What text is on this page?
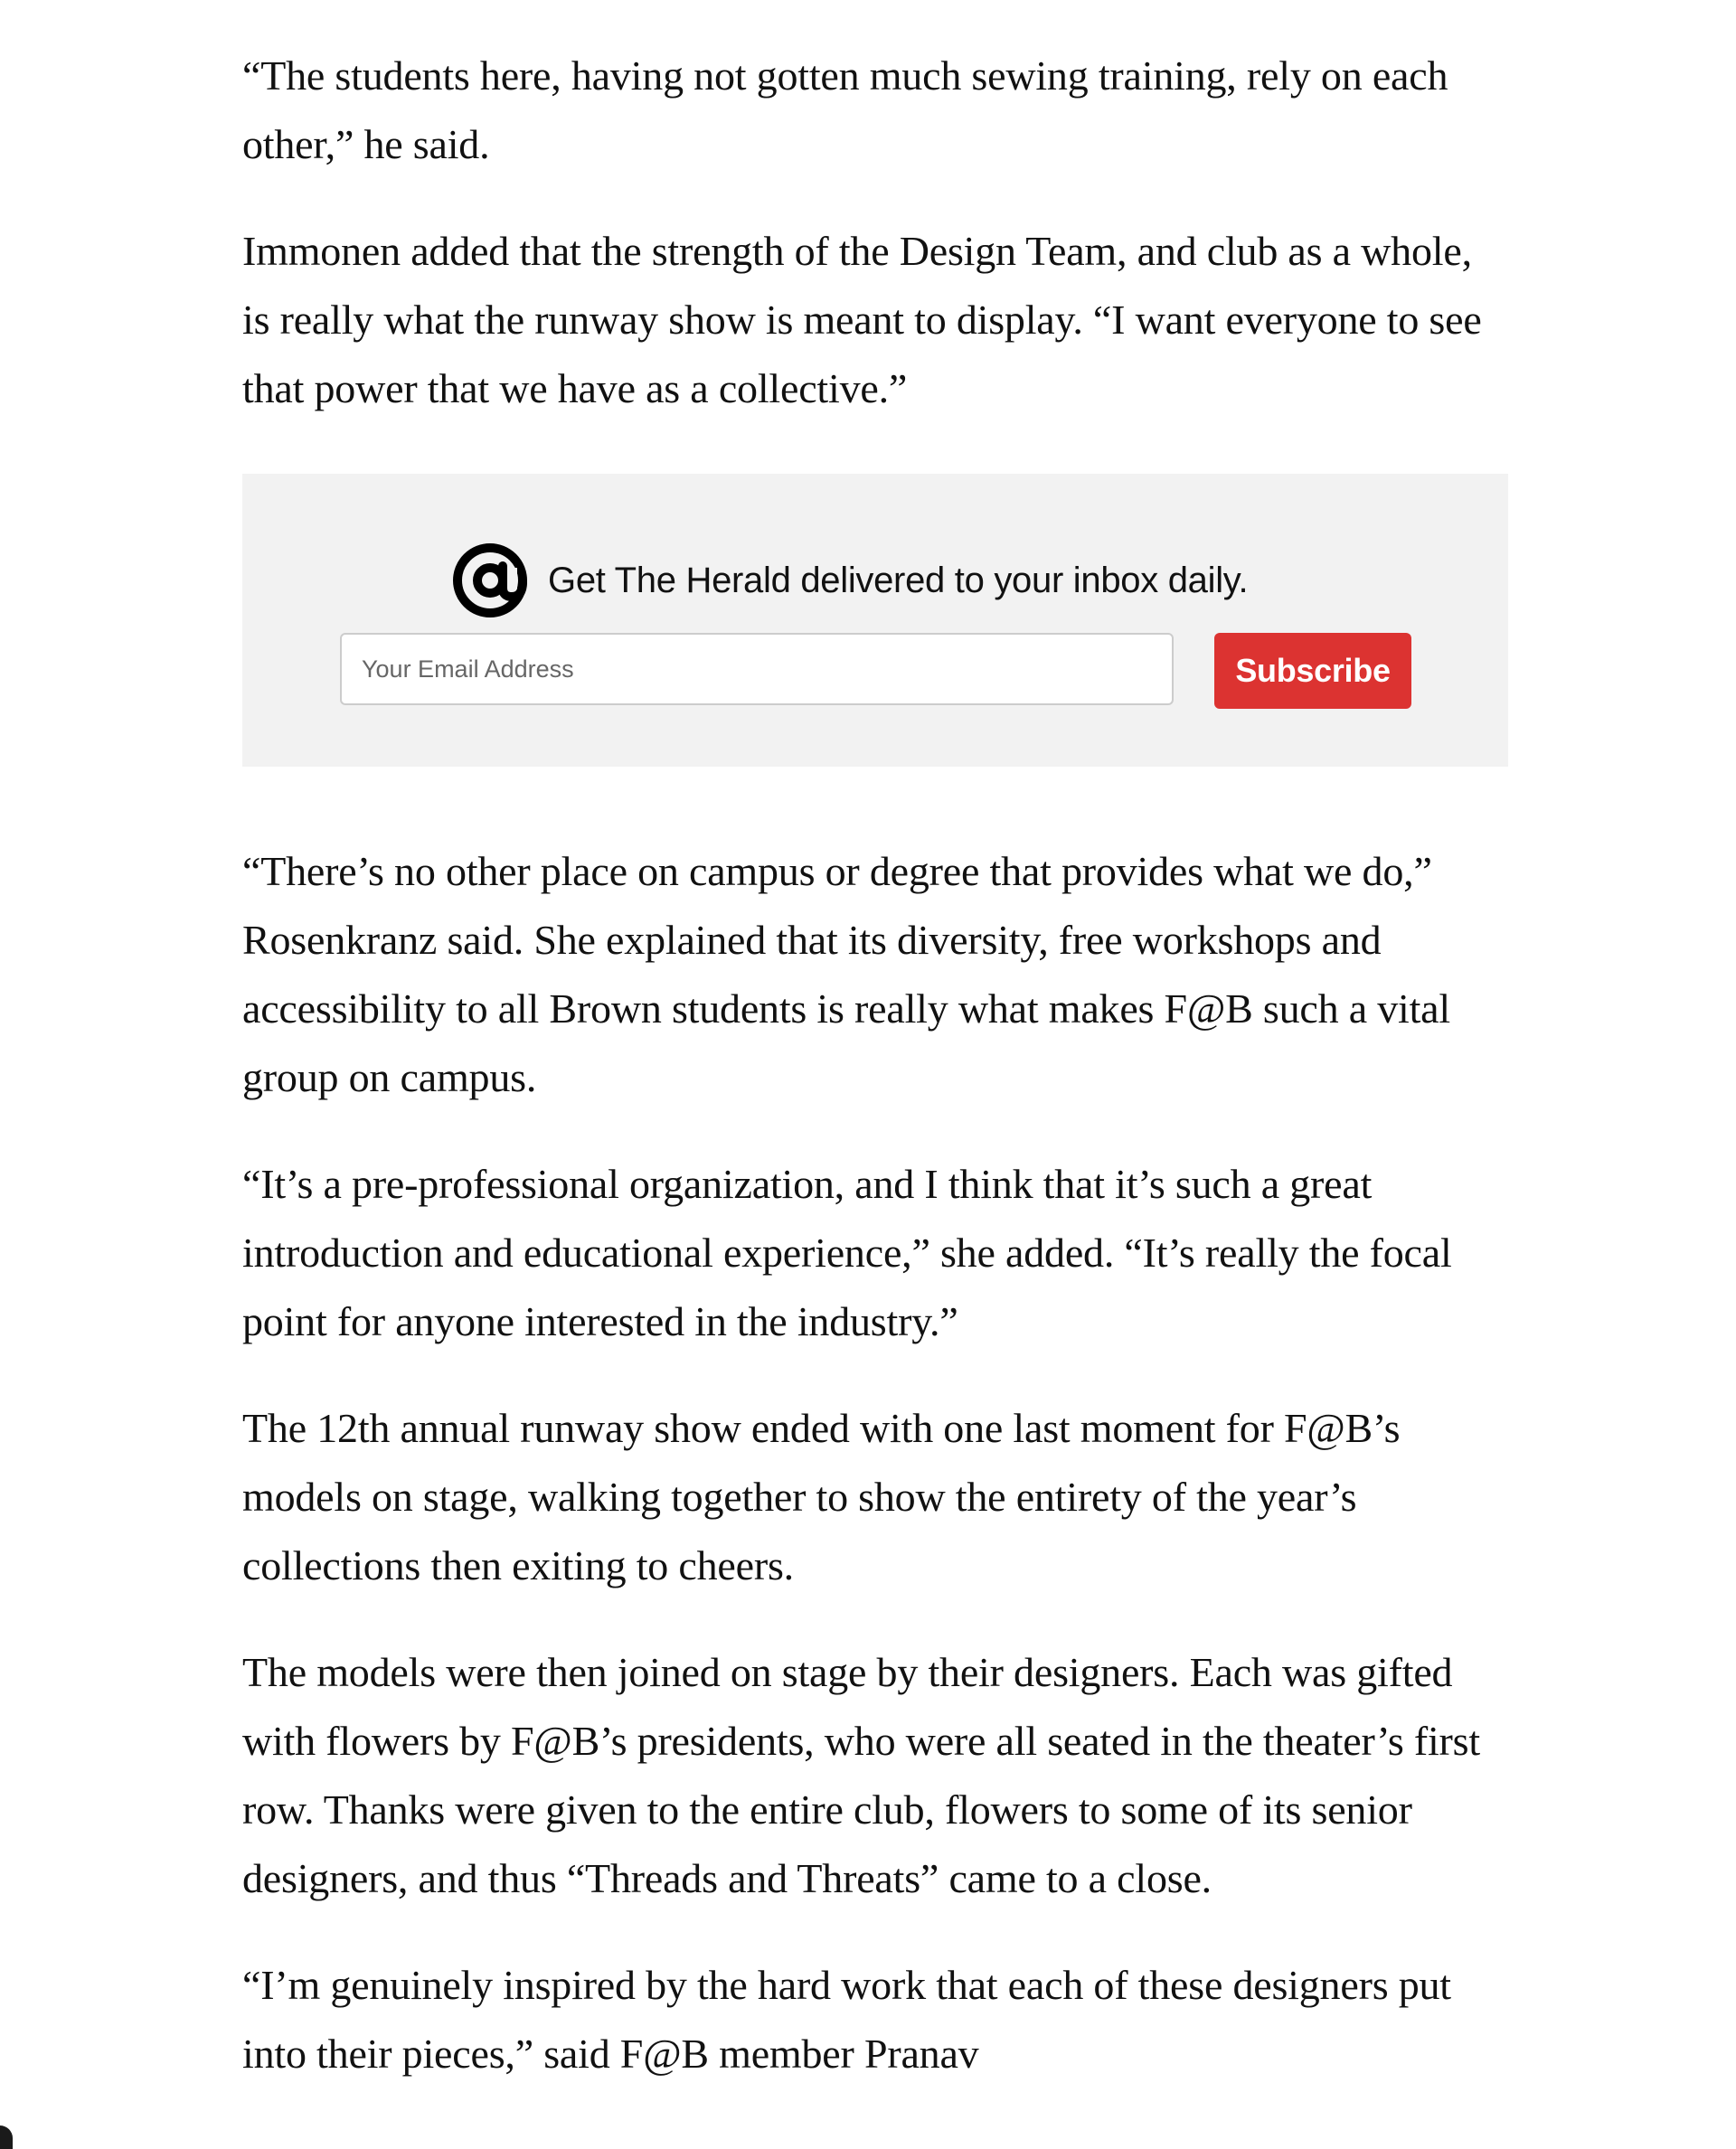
“The students here, having not gotten much sewing training, rely on each other,” he said.

Immonen added that the strength of the Design Team, and club as a whole, is really what the runway show is meant to display. “I want everyone to see that power that we have as a collective.”

Get The Herald delivered to your inbox daily.
Your Email Address
Subscribe

“There’s no other place on campus or degree that provides what we do,” Rosenkranz said. She explained that its diversity, free workshops and accessibility to all Brown students is really what makes F@B such a vital group on campus.

“It’s a pre-professional organization, and I think that it’s such a great introduction and educational experience,” she added. “It’s really the focal point for anyone interested in the industry.”

The 12th annual runway show ended with one last moment for F@B’s models on stage, walking together to show the entirety of the year’s collections then exiting to cheers.

The models were then joined on stage by their designers. Each was gifted with flowers by F@B’s presidents, who were all seated in the theater’s first row. Thanks were given to the entire club, flowers to some of its senior designers, and thus “Threads and Threats” came to a close.

“I’m genuinely inspired by the hard work that each of these designers put into their pieces,” said F@B member Pranav
